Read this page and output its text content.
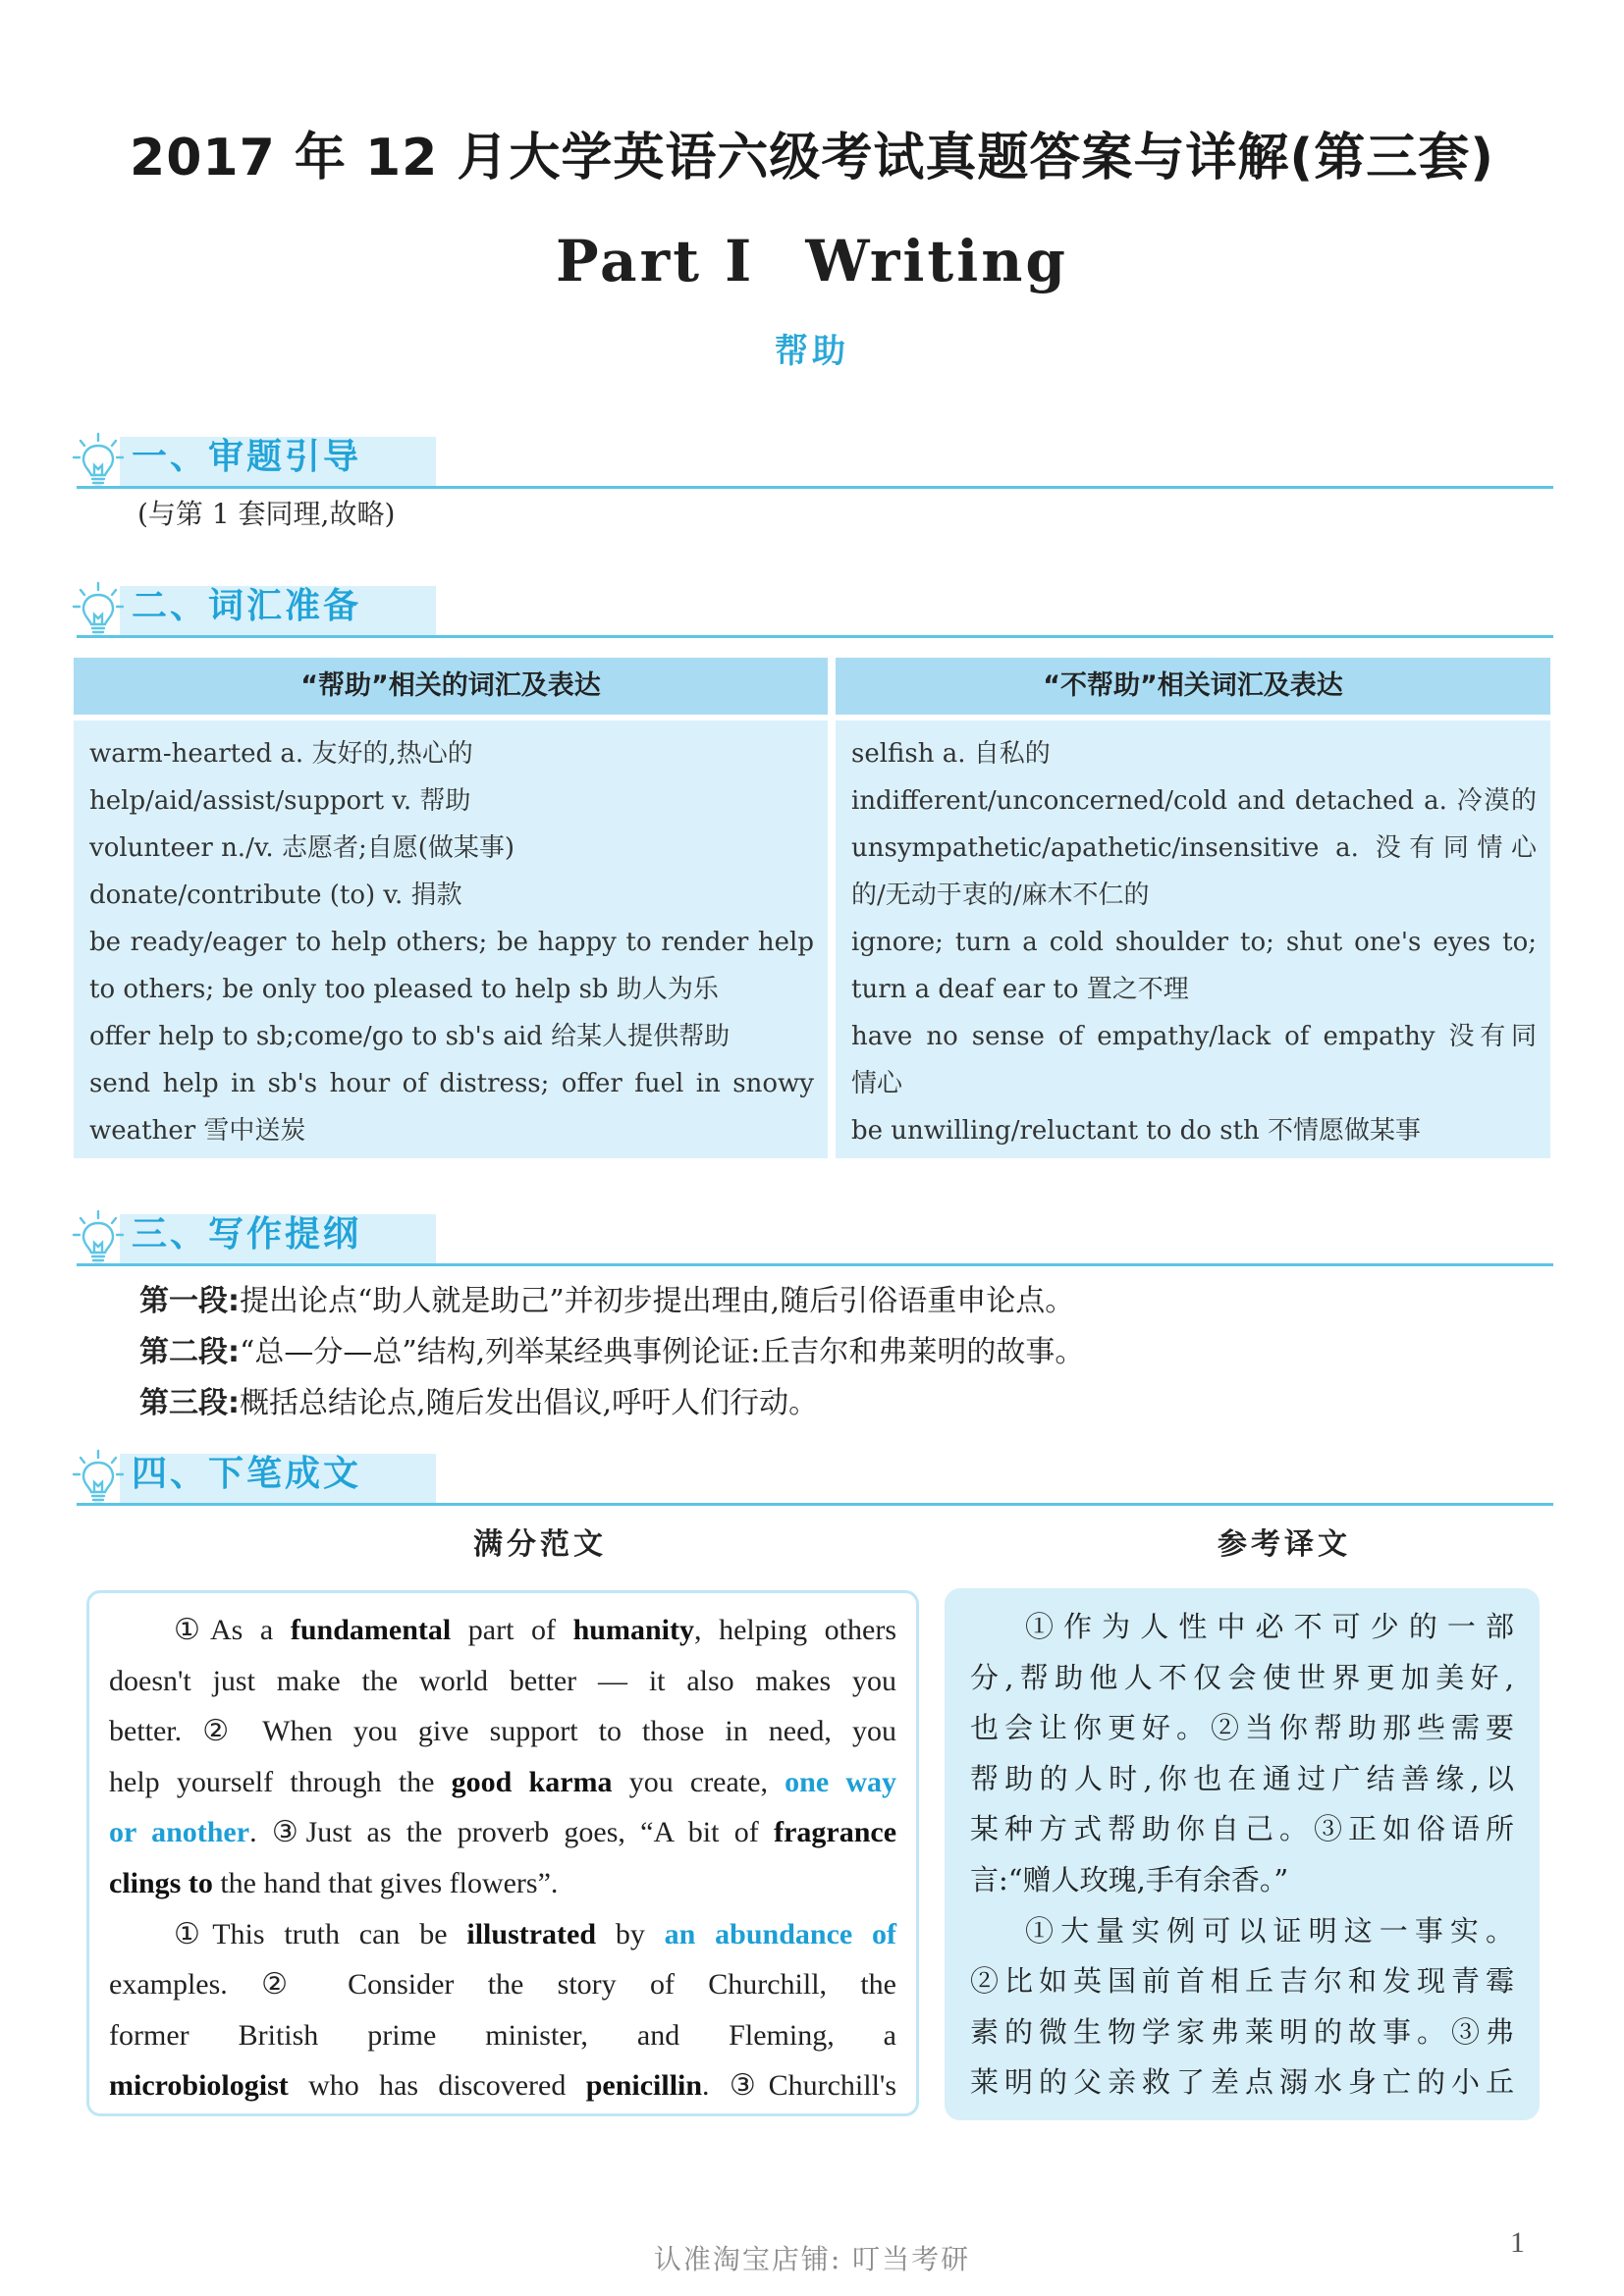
2017 年 12 月大学英语六级考试真题答案与详解(第三套)
Part I Writing
帮助
一、审题引导
(与第 1 套同理,故略)
二、词汇准备
“帮助”相关的词汇及表达	“不帮助”相关词汇及表达
warm-hearted a. 友好的,热心的
help/aid/assist/support v. 帮助
volunteer n./v. 志愿者;自愿(做某事)
donate/contribute (to) v. 捐款
be ready/eager to help others; be happy to render help
to others; be only too pleased to help sb 助人为乐
offer help to sb;come/go to sb's aid 给某人提供帮助
send help in sb's hour of distress; offer fuel in snowy
weather 雪中送炭
selfish a. 自私的
indifferent/unconcerned/cold and detached a. 冷漠的
unsympathetic/apathetic/insensitive a. 没有同情心
的/无动于衷的/麻木不仁的
ignore; turn a cold shoulder to; shut one's eyes to;
turn a deaf ear to 置之不理
have no sense of empathy/lack of empathy 没有同
情心
be unwilling/reluctant to do sth 不情愿做某事
三、写作提纲
第一段:提出论点“助人就是助己”并初步提出理由,随后引俗语重申论点。
第二段:“总—分—总”结构,列举某经典事例论证:丘吉尔和弗莱明的故事。
第三段:概括总结论点,随后发出倡议,呼吁人们行动。
四、下笔成文
满分范文	参考译文
①As a fundamental part of humanity, helping others
doesn't just make the world better — it also makes you
better. ② When you give support to those in need, you
help yourself through the good karma you create, one way
or another. ③Just as the proverb goes, “A bit of fragrance
clings to the hand that gives flowers”.
①This truth can be illustrated by an abundance of
examples. ② Consider the story of Churchill, the
former British prime minister, and Fleming, a
microbiologist who has discovered penicillin. ③Churchill's
①作为人性中必不可少的一部
分,帮助他人不仅会使世界更加美好,
也会让你更好。②当你帮助那些需要
帮助的人时,你也在通过广结善缘,以
某种方式帮助你自己。③正如俗语所
言:“赠人玫瑰,手有余香。”
①大量实例可以证明这一事实。
②比如英国前首相丘吉尔和发现青霉
素的微生物学家弗莱明的故事。③弗
莱明的父亲救了差点溺水身亡的小丘
认准淘宝店铺: 叮当考研
1
